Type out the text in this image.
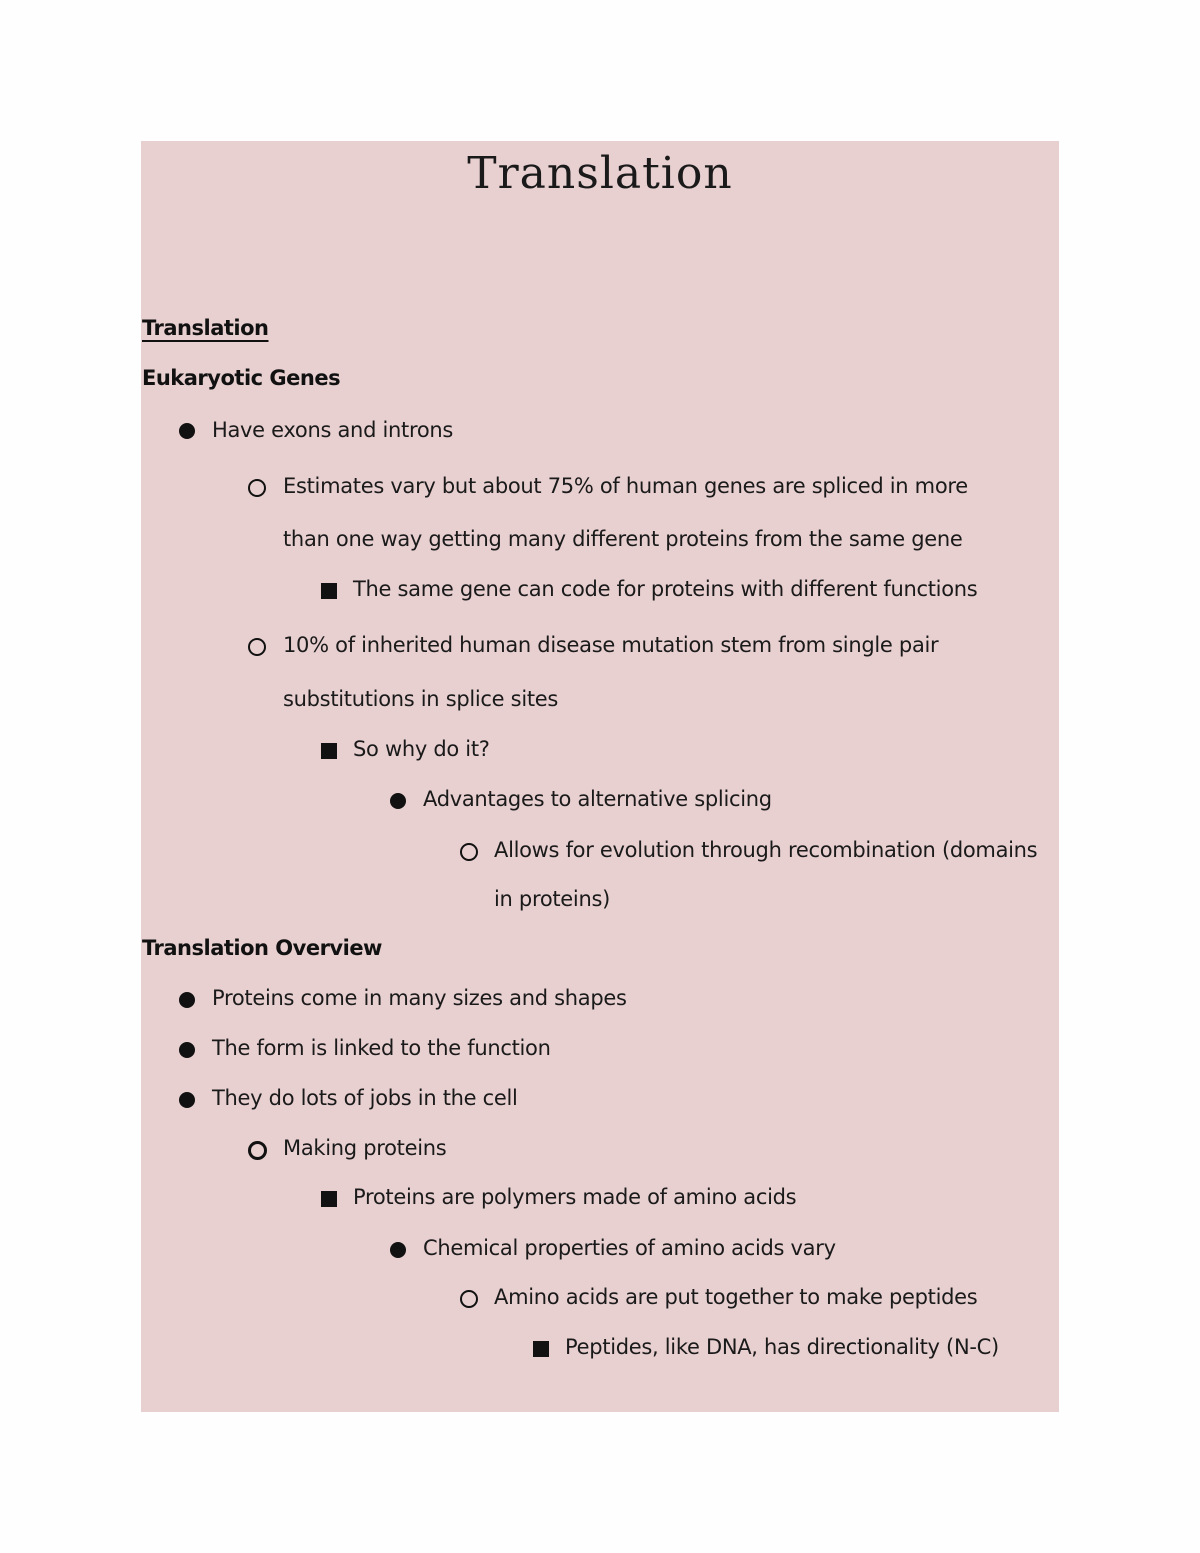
Translation
Translation
Eukaryotic Genes
Have exons and introns
Estimates vary but about 75% of human genes are spliced in more
than one way getting many different proteins from the same gene
The same gene can code for proteins with different functions
10% of inherited human disease mutation stem from single pair
substitutions in splice sites
So why do it?
Advantages to alternative splicing
Allows for evolution through recombination (domains
in proteins)
Translation Overview
Proteins come in many sizes and shapes
The form is linked to the function
They do lots of jobs in the cell
Making proteins
Proteins are polymers made of amino acids
Chemical properties of amino acids vary
Amino acids are put together to make peptides
Peptides, like DNA, has directionality (N-C)
